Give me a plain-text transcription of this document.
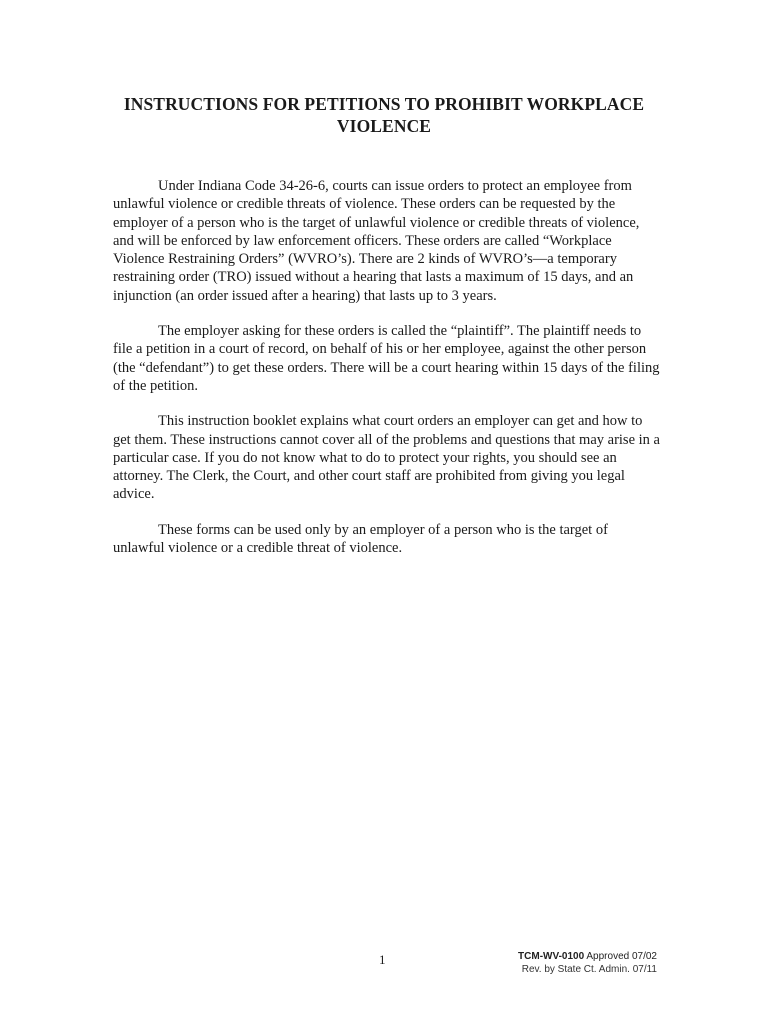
INSTRUCTIONS FOR PETITIONS TO PROHIBIT WORKPLACE VIOLENCE

Under Indiana Code 34-26-6, courts can issue orders to protect an employee from unlawful violence or credible threats of violence. These orders can be requested by the employer of a person who is the target of unlawful violence or credible threats of violence, and will be enforced by law enforcement officers. These orders are called “Workplace Violence Restraining Orders” (WVRO’s). There are 2 kinds of WVRO’s—a temporary restraining order (TRO) issued without a hearing that lasts a maximum of 15 days, and an injunction (an order issued after a hearing) that lasts up to 3 years.

The employer asking for these orders is called the “plaintiff”. The plaintiff needs to file a petition in a court of record, on behalf of his or her employee, against the other person (the “defendant”) to get these orders. There will be a court hearing within 15 days of the filing of the petition.

This instruction booklet explains what court orders an employer can get and how to get them. These instructions cannot cover all of the problems and questions that may arise in a particular case. If you do not know what to do to protect your rights, you should see an attorney. The Clerk, the Court, and other court staff are prohibited from giving you legal advice.

These forms can be used only by an employer of a person who is the target of unlawful violence or a credible threat of violence.

1	TCM-WV-0100 Approved 07/02
Rev. by State Ct. Admin. 07/11
